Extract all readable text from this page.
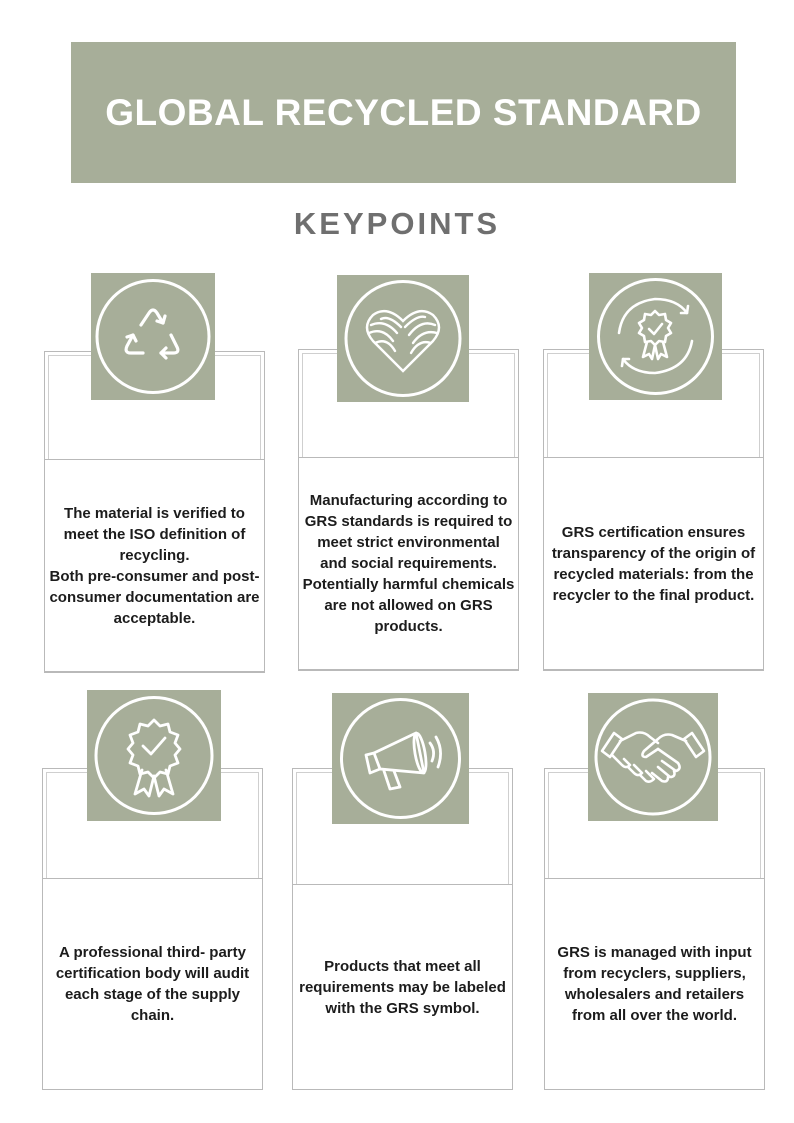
GLOBAL RECYCLED STANDARD
KEYPOINTS
The material is verified to meet the ISO definition of recycling.
Both pre-consumer and post-consumer documentation are acceptable.
Manufacturing according to GRS standards is required to meet strict environmental and social requirements. Potentially harmful chemicals are not allowed on GRS products.
GRS certification ensures transparency of the origin of recycled materials: from the recycler to the final product.
A professional third- party certification body will audit each stage of the supply chain.
Products that meet all requirements may be labeled with the GRS symbol.
GRS is managed with input from recyclers, suppliers, wholesalers and retailers from all over the world.
